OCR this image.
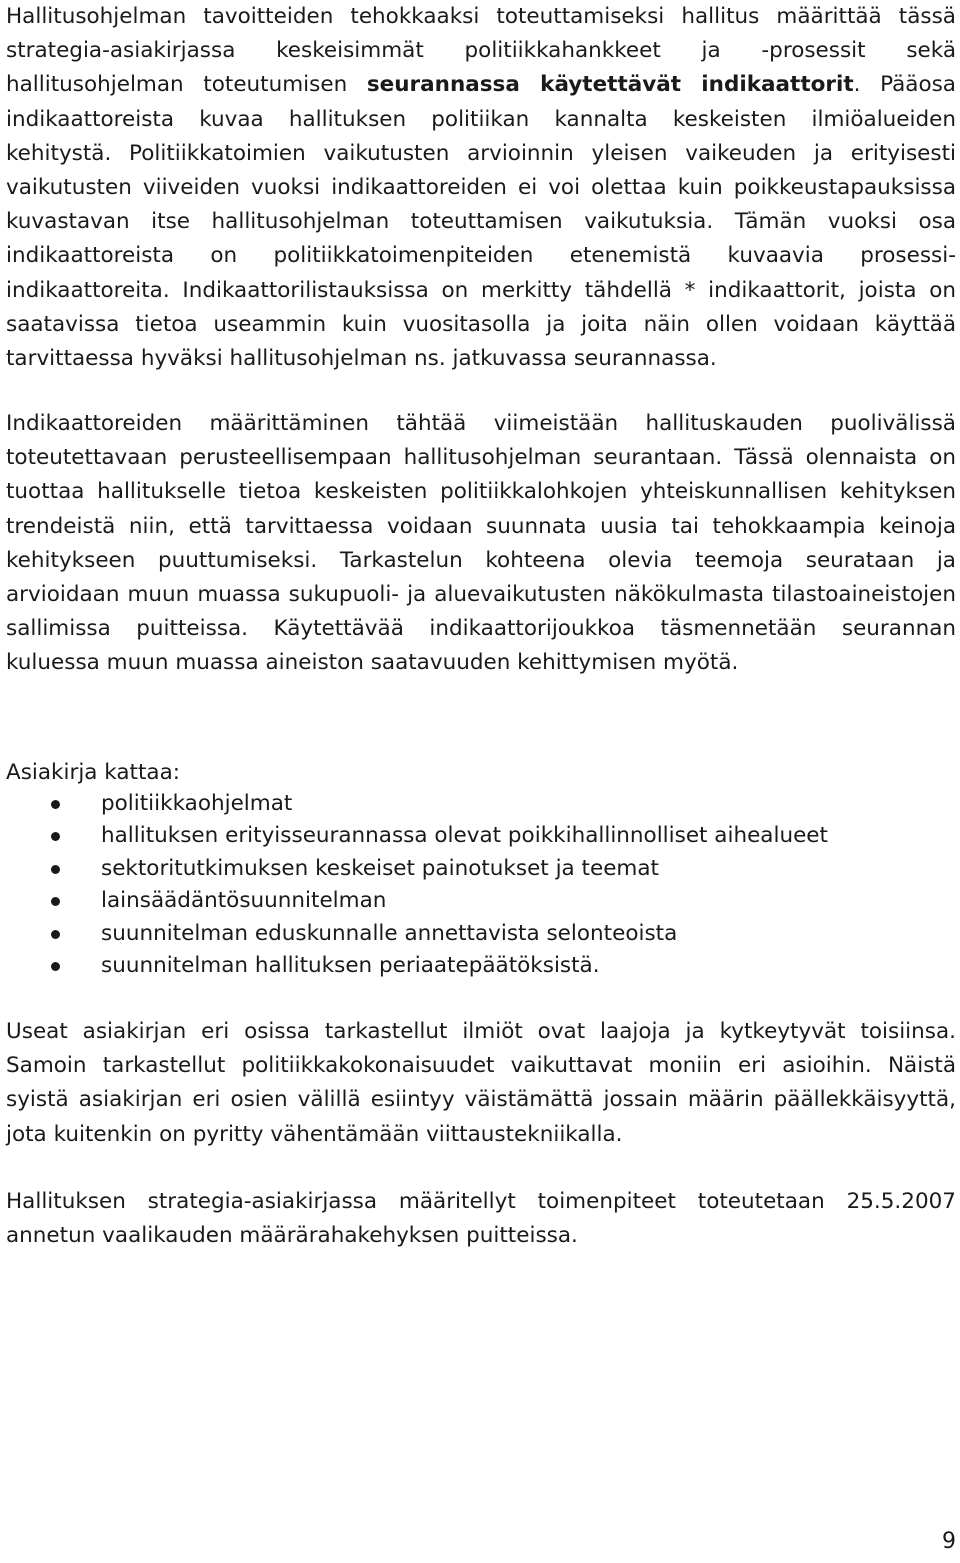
Hallitusohjelman tavoitteiden tehokkaaksi toteuttamiseksi hallitus määrittää tässä strategia-asiakirjassa keskeisimmät politiikkahankkeet ja -prosessit sekä hallitusohjelman toteutumisen seurannassa käytettävät indikaattorit. Pääosa indikaattoreista kuvaa hallituksen politiikan kannalta keskeisten ilmiöalueiden kehitystä. Politiikkatoimien vaikutusten arvioinnin yleisen vaikeuden ja erityisesti vaikutusten viiveiden vuoksi indikaattoreiden ei voi olettaa kuin poikkeustapauksissa kuvastavan itse hallitusohjelman toteuttamisen vaikutuksia. Tämän vuoksi osa indikaattoreista on politiikkatoimenpiteiden etenemistä kuvaavia prosessi-indikaattoreita. Indikaattorilistauksissa on merkitty tähdellä * indikaattorit, joista on saatavissa tietoa useammin kuin vuositasolla ja joita näin ollen voidaan käyttää tarvittaessa hyväksi hallitusohjelman ns. jatkuvassa seurannassa.

Indikaattoreiden määrittäminen tähtää viimeistään hallituskauden puolivälissä toteutettavaan perusteellisempaan hallitusohjelman seurantaan. Tässä olennaista on tuottaa hallitukselle tietoa keskeisten politiikkalohkojen yhteiskunnallisen kehityksen trendeistä niin, että tarvittaessa voidaan suunnata uusia tai tehokkaampia keinoja kehitykseen puuttumiseksi. Tarkastelun kohteena olevia teemoja seurataan ja arvioidaan muun muassa sukupuoli- ja aluevaikutusten näkökulmasta tilastoaineistojen sallimissa puitteissa. Käytettävää indikaattorijoukkoa täsmennetään seurannan kuluessa muun muassa aineiston saatavuuden kehittymisen myötä.

Asiakirja kattaa:

politiikkaohjelmat
hallituksen erityisseurannassa olevat poikkihallinnolliset aihealueet
sektoritutkimuksen keskeiset painotukset ja teemat
lainsäädäntösuunnitelman
suunnitelman eduskunnalle annettavista selonteoista
suunnitelman hallituksen periaatepäätöksistä.

Useat asiakirjan eri osissa tarkastellut ilmiöt ovat laajoja ja kytkeytyvät toisiinsa. Samoin tarkastellut politiikkakokonaisuudet vaikuttavat moniin eri asioihin. Näistä syistä asiakirjan eri osien välillä esiintyy väistämättä jossain määrin päällekkäisyyttä, jota kuitenkin on pyritty vähentämään viittaustekniikalla.

Hallituksen strategia-asiakirjassa määritellyt toimenpiteet toteutetaan 25.5.2007 annetun vaalikauden määrärahakehyksen puitteissa.

9
